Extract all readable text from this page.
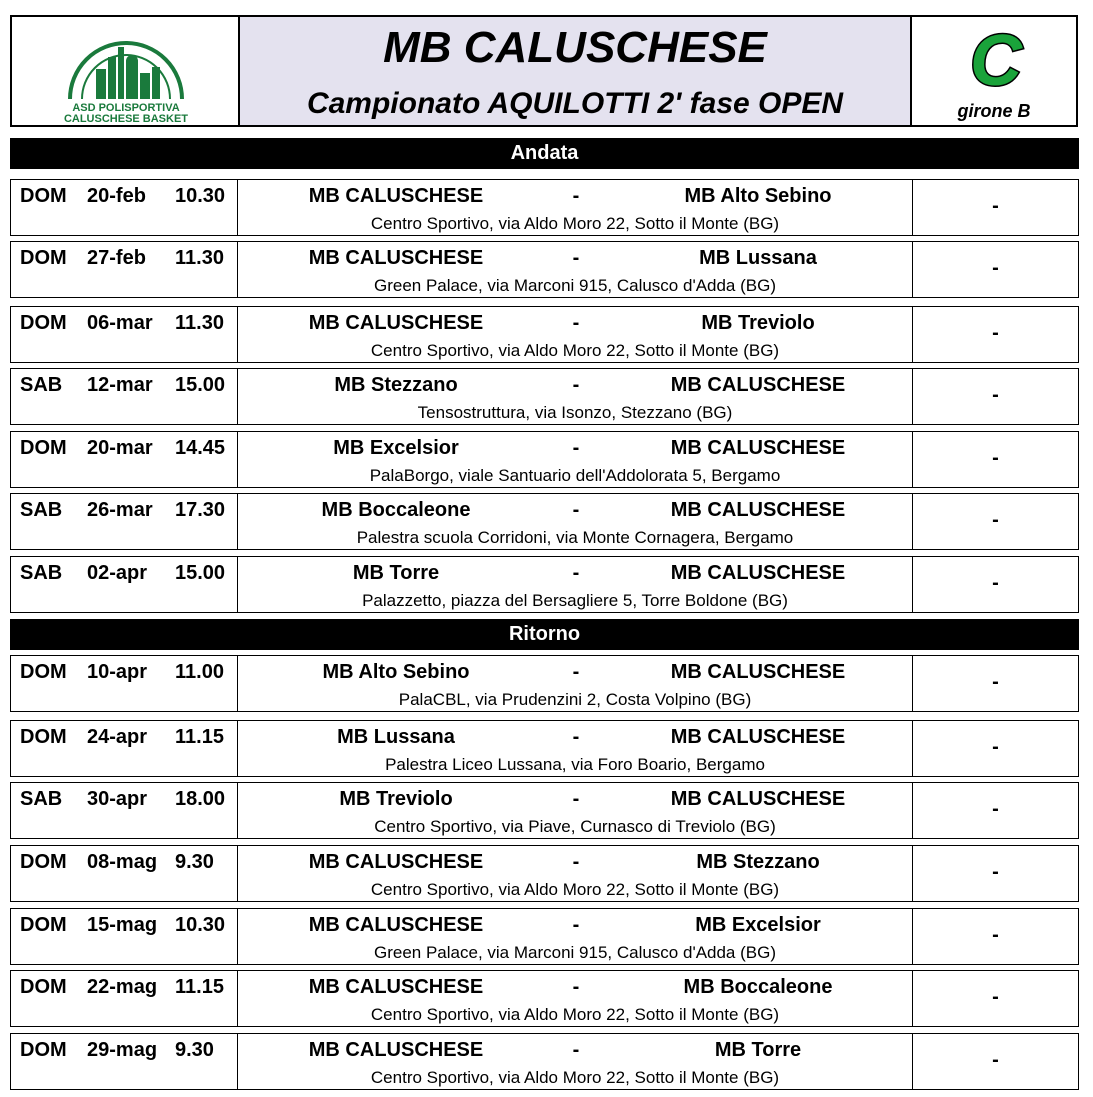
ASD POLISPORTIVA
CALUSCHESE BASKET
MB CALUSCHESE
Campionato AQUILOTTI 2' fase OPEN
C
girone B
Andata
DOM 20-feb 10.30	MB CALUSCHESE	-	MB Alto Sebino
Centro Sportivo, via Aldo Moro 22, Sotto il Monte (BG)
-
DOM 27-feb 11.30	MB CALUSCHESE	-	MB Lussana
Green Palace, via Marconi 915, Calusco d'Adda (BG)
-
DOM 06-mar 11.30	MB CALUSCHESE	-	MB Treviolo
Centro Sportivo, via Aldo Moro 22, Sotto il Monte (BG)
-
SAB 12-mar 15.00	MB Stezzano	-	MB CALUSCHESE
Tensostruttura, via Isonzo, Stezzano (BG)
-
DOM 20-mar 14.45	MB Excelsior	-	MB CALUSCHESE
PalaBorgo, viale Santuario dell'Addolorata 5, Bergamo
-
SAB 26-mar 17.30	MB Boccaleone	-	MB CALUSCHESE
Palestra scuola Corridoni, via Monte Cornagera, Bergamo
-
SAB 02-apr 15.00	MB Torre	-	MB CALUSCHESE
Palazzetto, piazza del Bersagliere 5, Torre Boldone (BG)
-
Ritorno
DOM 10-apr 11.00	MB Alto Sebino	-	MB CALUSCHESE
PalaCBL, via Prudenzini 2, Costa Volpino (BG)
-
DOM 24-apr 11.15	MB Lussana	-	MB CALUSCHESE
Palestra Liceo Lussana, via Foro Boario, Bergamo
-
SAB 30-apr 18.00	MB Treviolo	-	MB CALUSCHESE
Centro Sportivo, via Piave, Curnasco di Treviolo (BG)
-
DOM 08-mag 9.30	MB CALUSCHESE	-	MB Stezzano
Centro Sportivo, via Aldo Moro 22, Sotto il Monte (BG)
-
DOM 15-mag 10.30	MB CALUSCHESE	-	MB Excelsior
Green Palace, via Marconi 915, Calusco d'Adda (BG)
-
DOM 22-mag 11.15	MB CALUSCHESE	-	MB Boccaleone
Centro Sportivo, via Aldo Moro 22, Sotto il Monte (BG)
-
DOM 29-mag 9.30	MB CALUSCHESE	-	MB Torre
Centro Sportivo, via Aldo Moro 22, Sotto il Monte (BG)
-
